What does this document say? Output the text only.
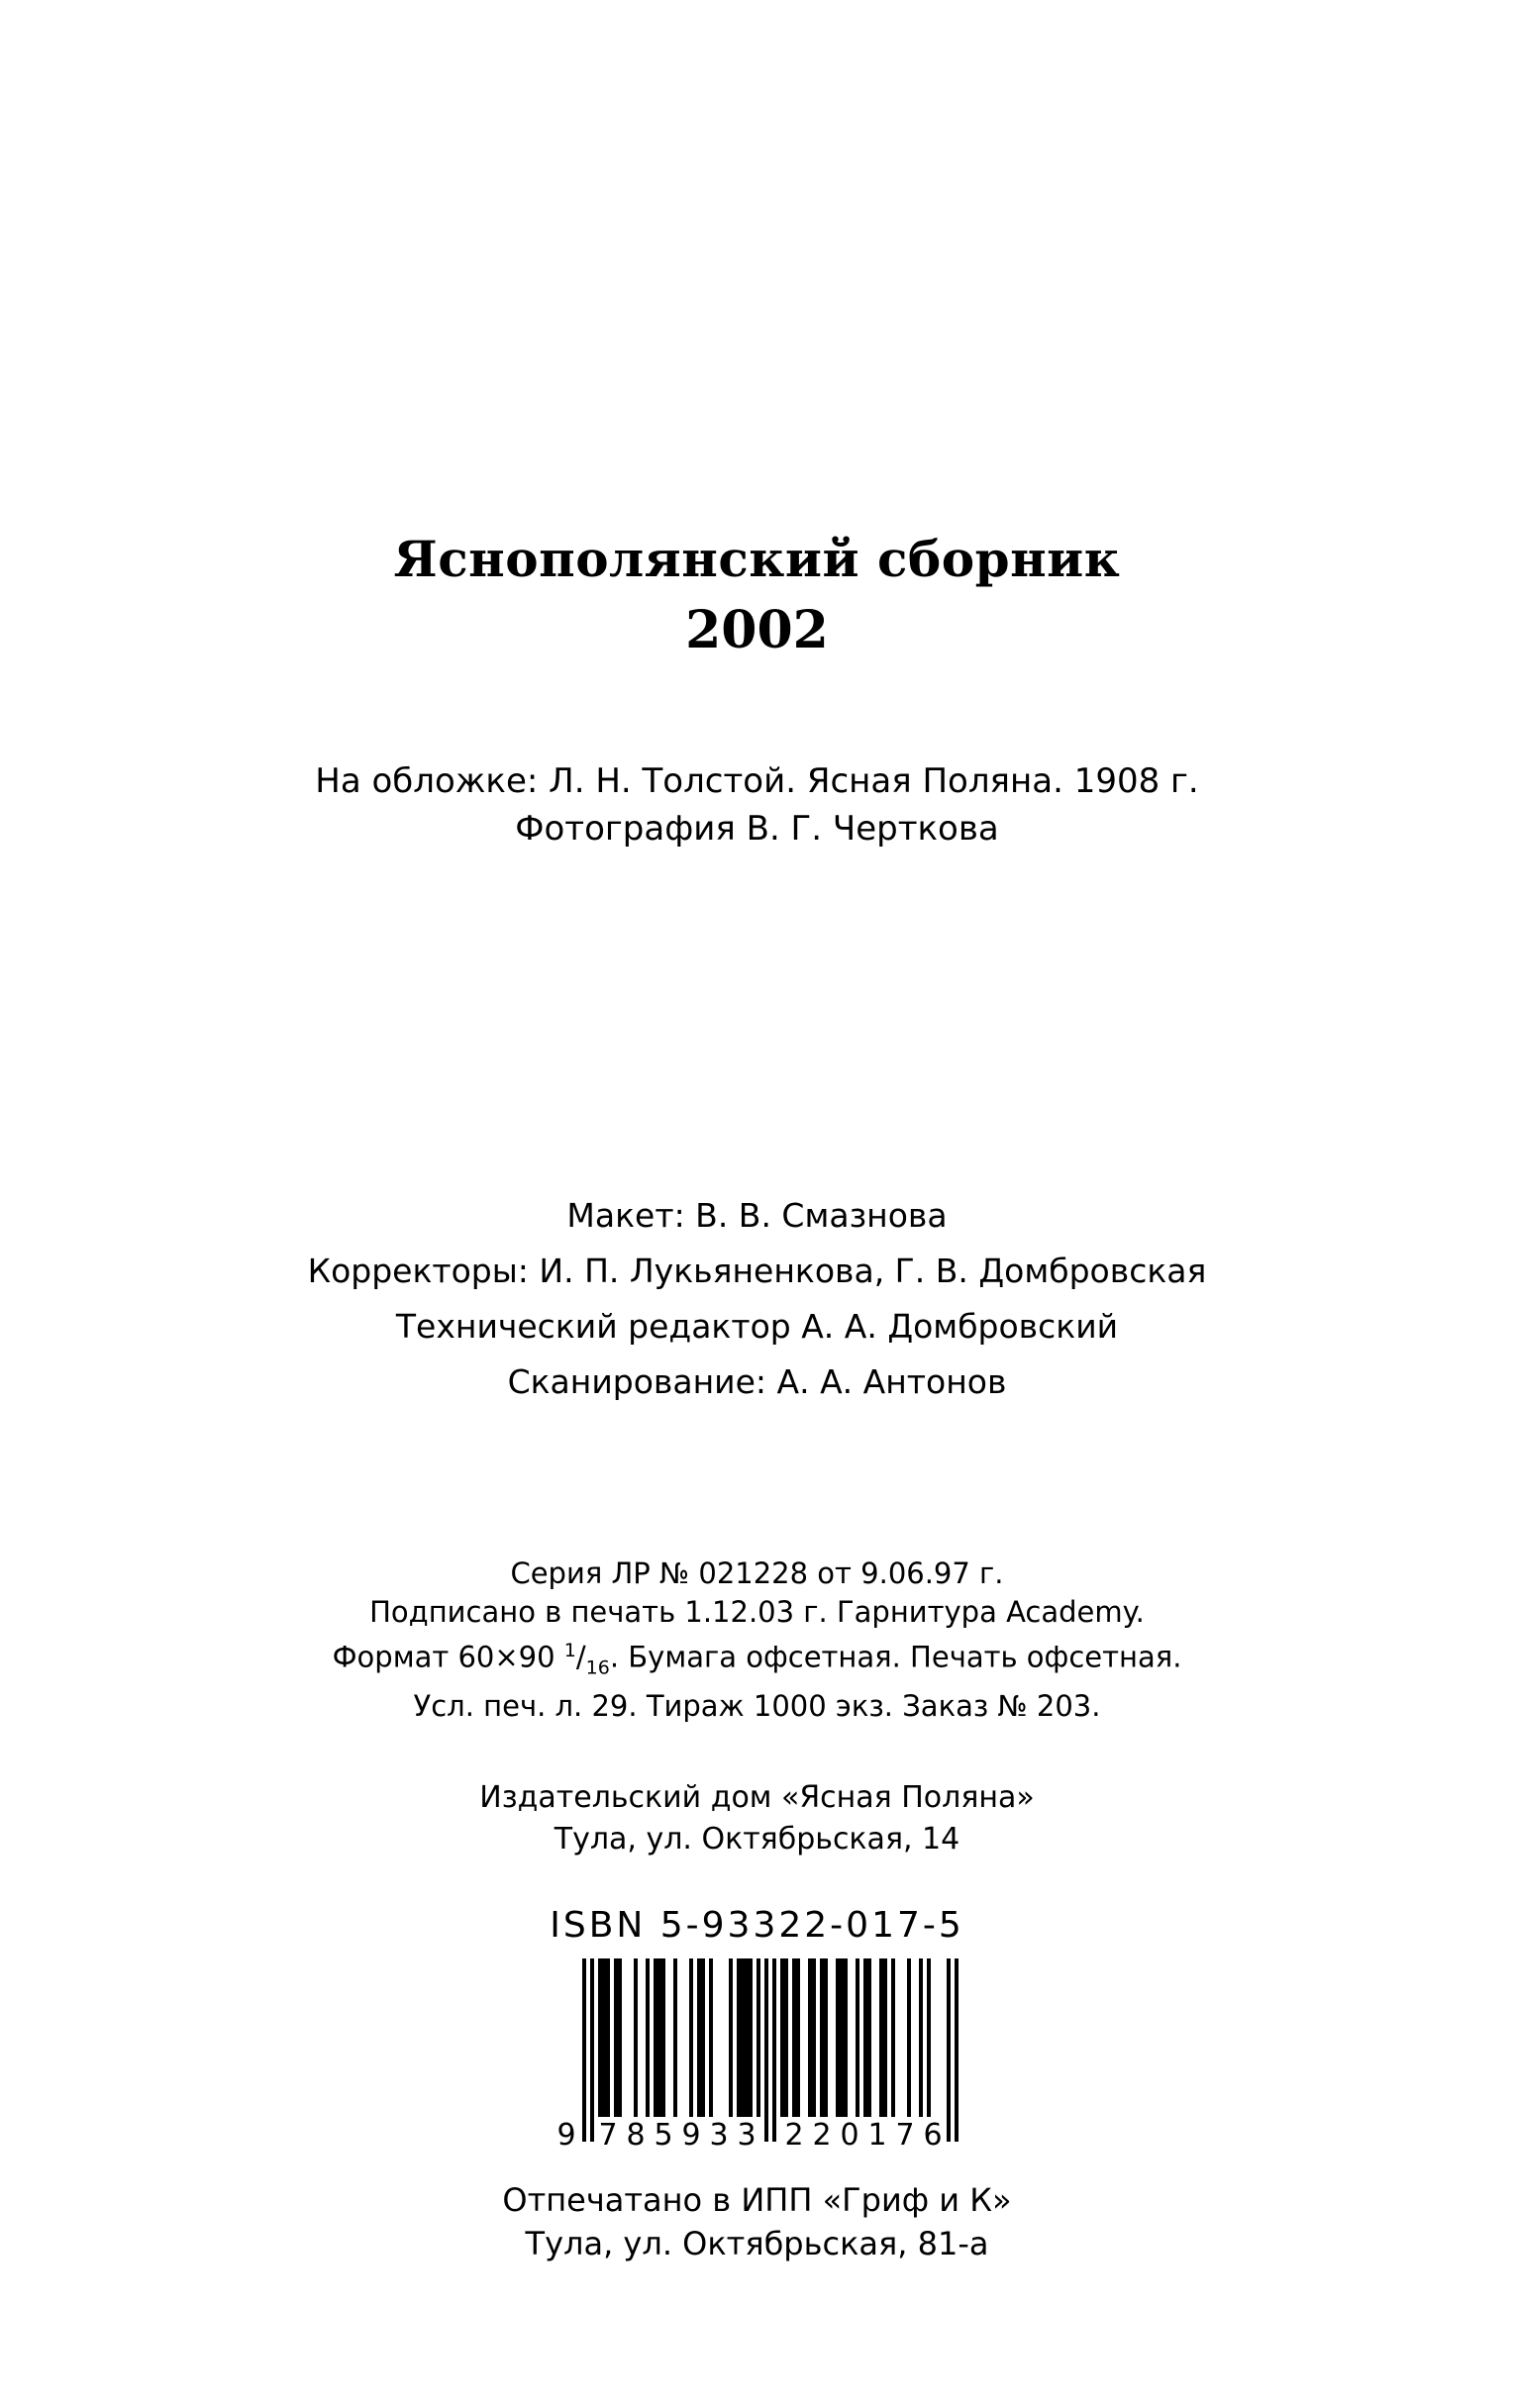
Яснополянский сборник
2002
На обложке: Л. Н. Толстой. Ясная Поляна. 1908 г.
Фотография В. Г. Черткова
Макет: В. В. Смазнова
Корректоры: И. П. Лукьяненкова, Г. В. Домбровская
Технический редактор А. А. Домбровский
Сканирование: А. А. Антонов
Серия ЛР № 021228 от 9.06.97 г.
Подписано в печать 1.12.03 г. Гарнитура Academy.
Формат 60×90 $^1/_{16}$. Бумага офсетная. Печать офсетная.
Усл. печ. л. 29. Тираж 1000 экз. Заказ № 203.
Издательский дом «Ясная Поляна»
Тула, ул. Октябрьская, 14
ISBN 5-93322-017-5
9 7 8 5 9 3 3 2 2 0 1 7 6
Отпечатано в ИПП «Гриф и К»
Тула, ул. Октябрьская, 81-а
